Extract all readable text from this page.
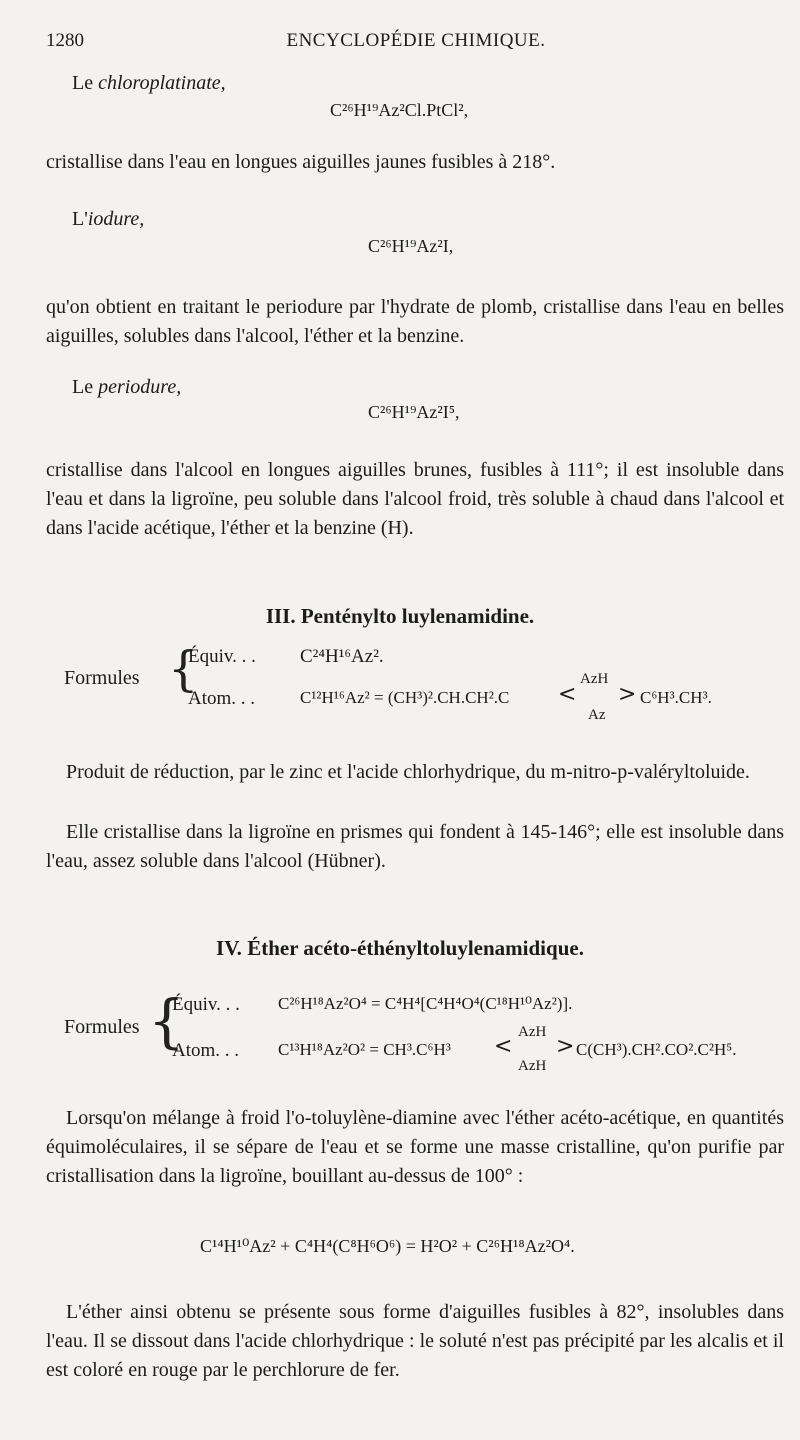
1280	ENCYCLOPÉDIE CHIMIQUE.
Le chloroplatinate,
C²⁶H¹⁹Az²Cl.PtCl²,
cristallise dans l'eau en longues aiguilles jaunes fusibles à 218°.
L'iodure,
C²⁶H¹⁹Az²I,
qu'on obtient en traitant le periodure par l'hydrate de plomb, cristallise dans l'eau en belles aiguilles, solubles dans l'alcool, l'éther et la benzine.
Le periodure,
C²⁶H¹⁹Az²I⁵,
cristallise dans l'alcool en longues aiguilles brunes, fusibles à 111°; il est insoluble dans l'eau et dans la ligroïne, peu soluble dans l'alcool froid, très soluble à chaud dans l'alcool et dans l'acide acétique, l'éther et la benzine (H).
III. Penténylto luylenamidine.
Formules {
Équiv. . . C²⁴H¹⁶Az².
Atom. . .	C¹²H¹⁶Az² = (CH³)².CH.CH².C <
AzH
Az
> C⁶H³.CH³.
Produit de réduction, par le zinc et l'acide chlorhydrique, du m-nitro-p-valéryltoluide.
Elle cristallise dans la ligroïne en prismes qui fondent à 145-146°; elle est insoluble dans l'eau, assez soluble dans l'alcool (Hübner).
IV. Éther acéto-éthényltoluylenamidique.
Formules {
Équiv. . . C²⁶H¹⁸Az²O⁴ = C⁴H⁴[C⁴H⁴O⁴(C¹⁸H¹⁰Az²)].
Atom. . . C¹³H¹⁸Az²O² = CH³.C⁶H³ <
AzH
AzH
> C(CH³).CH².CO².C²H⁵.
Lorsqu'on mélange à froid l'o-toluylène-diamine avec l'éther acéto-acétique, en quantités équimoléculaires, il se sépare de l'eau et se forme une masse cristalline, qu'on purifie par cristallisation dans la ligroïne, bouillant au-dessus de 100° :
C¹⁴H¹⁰Az² + C⁴H⁴(C⁸H⁶O⁶) = H²O² + C²⁶H¹⁸Az²O⁴.
L'éther ainsi obtenu se présente sous forme d'aiguilles fusibles à 82°, insolubles dans l'eau. Il se dissout dans l'acide chlorhydrique : le soluté n'est pas précipité par les alcalis et il est coloré en rouge par le perchlorure de fer.
